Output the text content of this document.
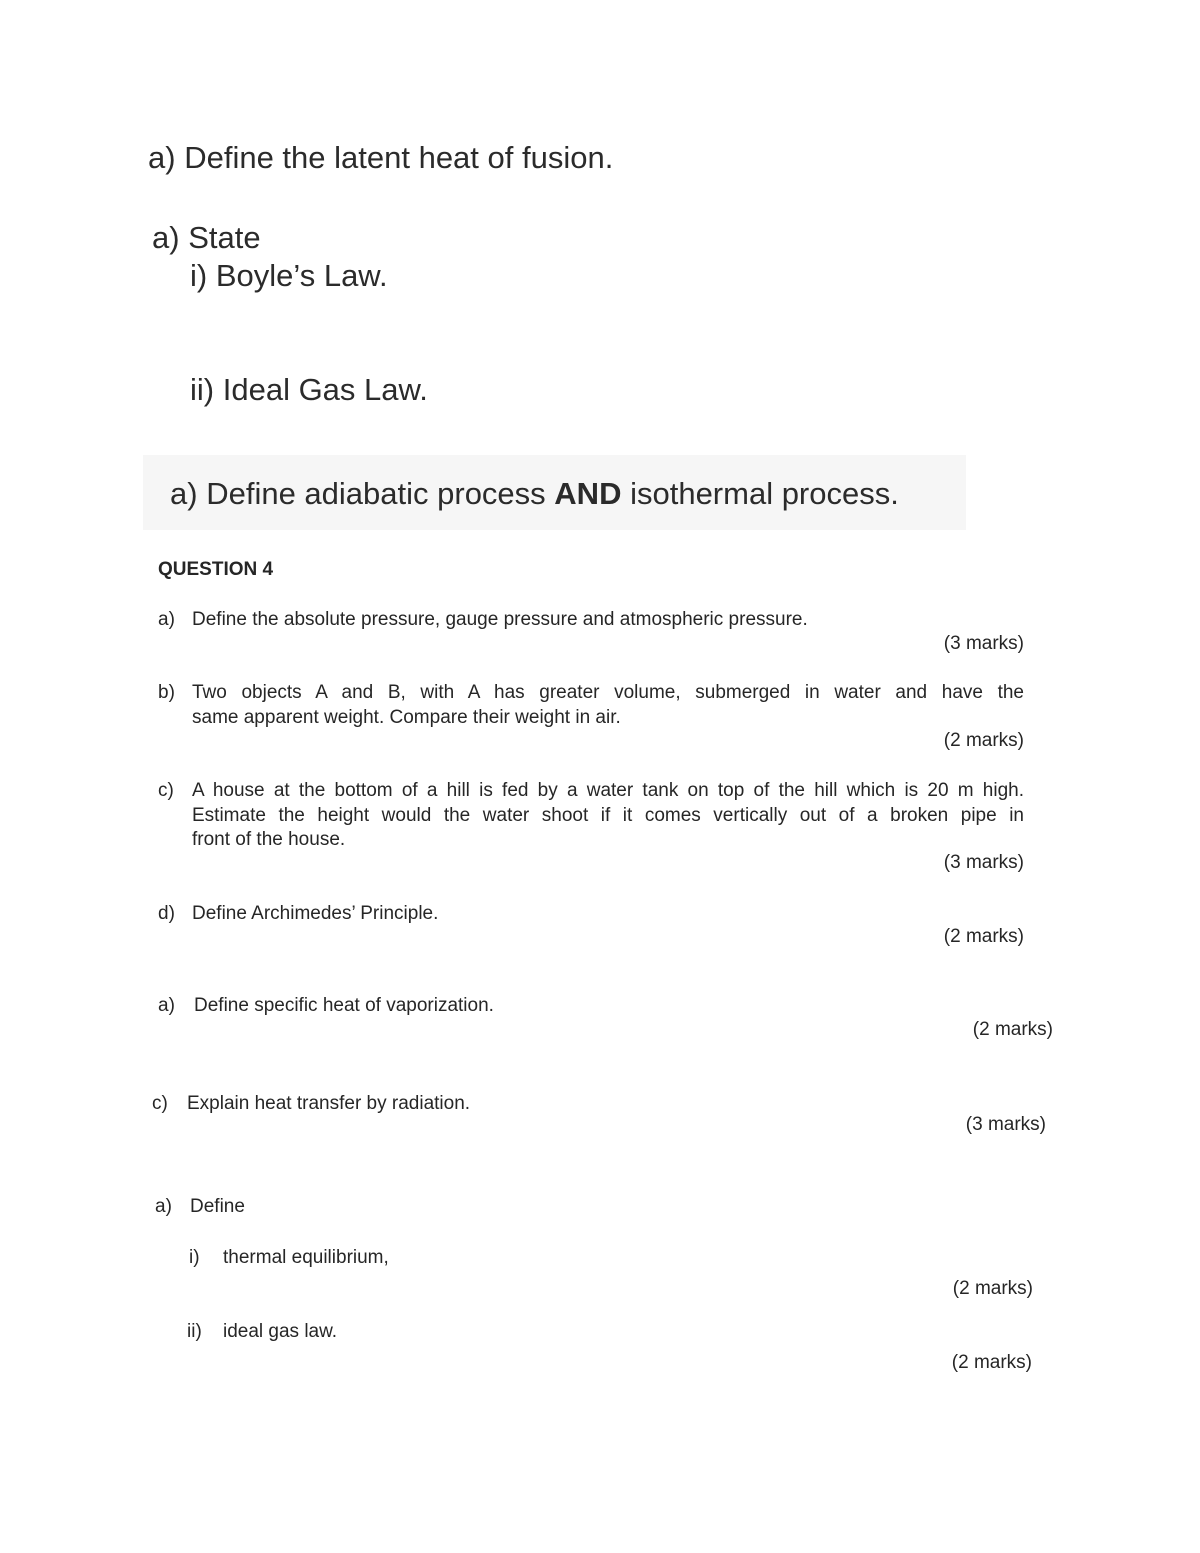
a) Define the latent heat of fusion.
a) State
i) Boyle’s Law.
ii) Ideal Gas Law.
a) Define adiabatic process AND isothermal process.
QUESTION 4
a) Define the absolute pressure, gauge pressure and atmospheric pressure.
(3 marks)
b) Two objects A and B, with A has greater volume, submerged in water and have the
same apparent weight. Compare their weight in air.
(2 marks)
c) A house at the bottom of a hill is fed by a water tank on top of the hill which is 20 m high.
Estimate the height would the water shoot if it comes vertically out of a broken pipe in
front of the house.
(3 marks)
d) Define Archimedes’ Principle.
(2 marks)
a) Define specific heat of vaporization.
(2 marks)
c) Explain heat transfer by radiation.
(3 marks)
a) Define
i) thermal equilibrium,
(2 marks)
ii) ideal gas law.
(2 marks)
